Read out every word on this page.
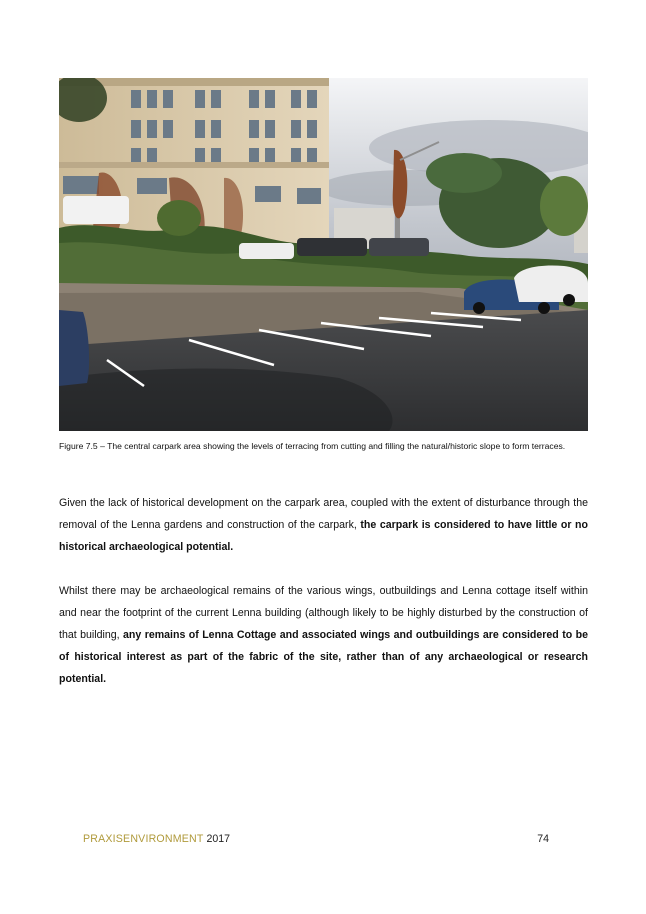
Figure 7.5 – The central carpark area showing the levels of terracing from cutting and filling the natural/historic slope to form terraces.

Given the lack of historical development on the carpark area, coupled with the extent of disturbance through the removal of the Lenna gardens and construction of the carpark, the carpark is considered to have little or no historical archaeological potential.

Whilst there may be archaeological remains of the various wings, outbuildings and Lenna cottage itself within and near the footprint of the current Lenna building (although likely to be highly disturbed by the construction of that building, any remains of Lenna Cottage and associated wings and outbuildings are considered to be of historical interest as part of the fabric of the site, rather than of any archaeological or research potential.

PRAXISENVIRONMENT 2017	74
